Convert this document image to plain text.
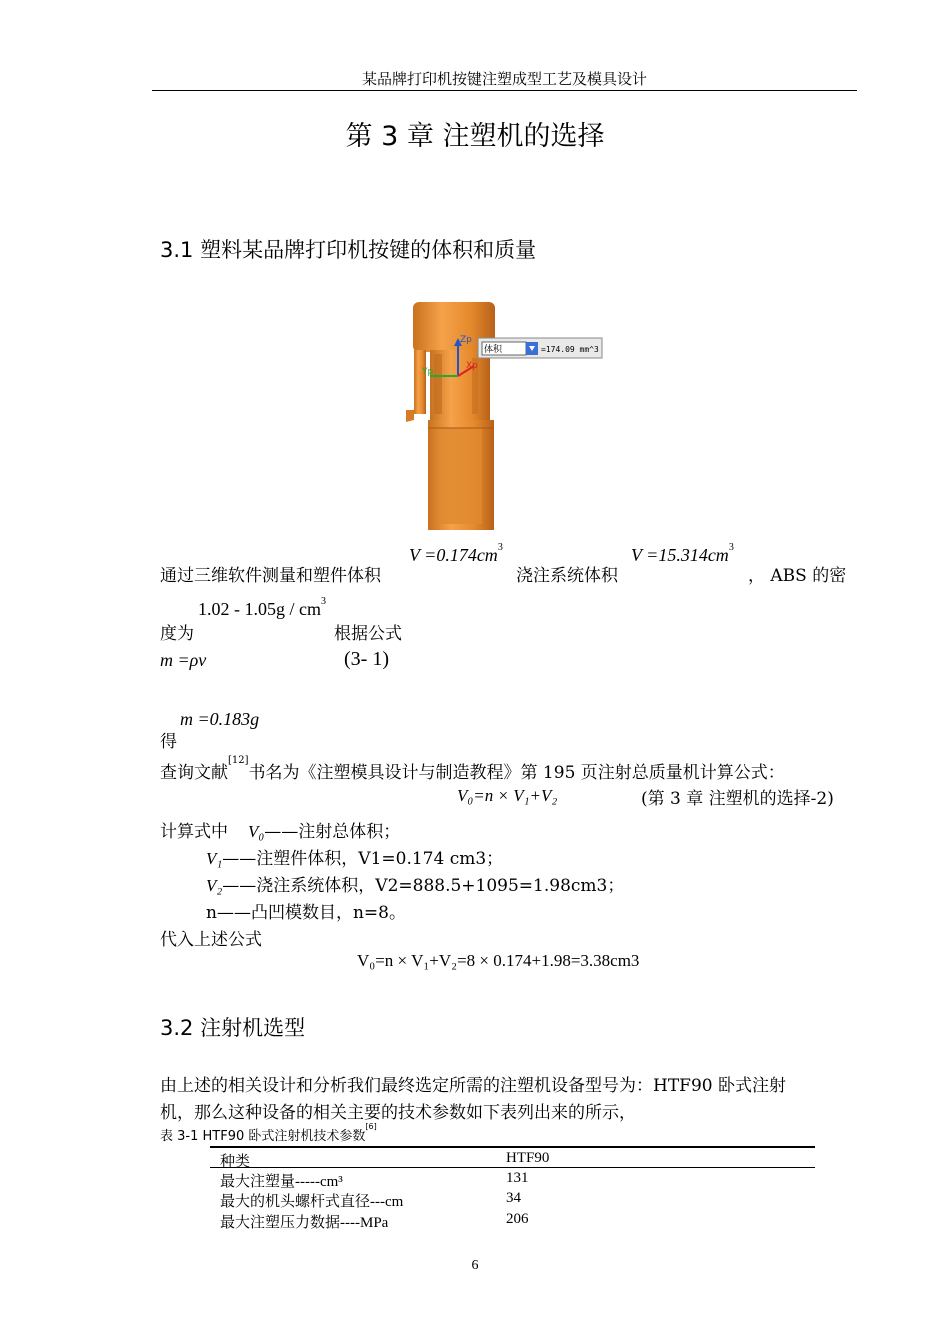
某品牌打印机按键注塑成型工艺及模具设计
第 3 章 注塑机的选择
3.1 塑料某品牌打印机按键的体积和质量
Zp
Yp
Xp
体积	=174.09 mm^3
通过三维软件测量和塑件体积
$V =0.174cm^3$
浇注系统体积
$V =15.314cm^3$
， ABS 的密
$1.02 - 1.05g / cm^3$
度为	根据公式
m =ρv	(3- 1)
m =0.183g
得
查询文献[12]书名为《注塑模具设计与制造教程》第 195 页注射总质量机计算公式：
V₀=n × V₁+V₂	(第 3 章 注塑机的选择-2)
计算式中 V₀——注射总体积；
V₁——注塑件体积，V1=0.174 cm3；
V₂——浇注系统体积，V2=888.5+1095=1.98cm3；
n——凸凹模数目，n=8。
代入上述公式
V₀=n × V₁+V₂=8 × 0.174+1.98=3.38cm3
3.2 注射机选型
由上述的相关设计和分析我们最终选定所需的注塑机设备型号为：HTF90 卧式注射
机，那么这种设备的相关主要的技术参数如下表列出来的所示，
表 3-1 HTF90 卧式注射机技术参数[6]
种类	HTF90
最大注塑量-----cm³	131
最大的机头螺杆式直径---cm	34
最大注塑压力数据----MPa	206
6
